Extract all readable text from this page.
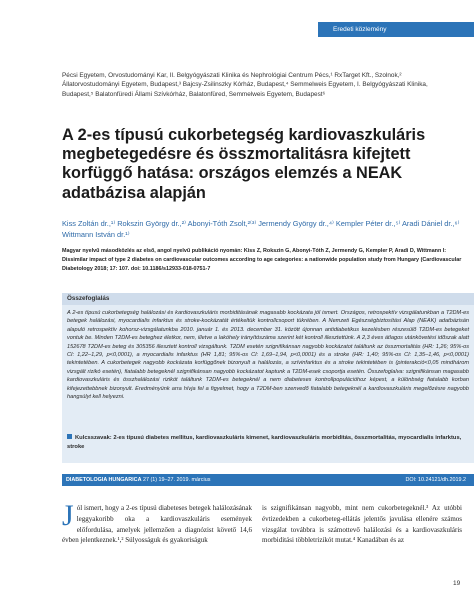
Eredeti közlemény
Pécsi Egyetem, Orvostudományi Kar, II. Belgyógyászati Klinika és Nephrológiai Centrum Pécs,¹ RxTarget Kft., Szolnok,² Állatorvostudományi Egyetem, Budapest,³ Bajcsy-Zsilinszky Kórház, Budapest,⁴ Semmelweis Egyetem, I. Belgyógyászati Klinika, Budapest,⁵ Balatonfüredi Állami Szívkórház, Balatonfüred, Semmelweis Egyetem, Budapest⁶
A 2-es típusú cukorbetegség kardiovaszkuláris megbetegedésre és összmortalitásra kifejtett korfüggő hatása: országos elemzés a NEAK adatbázisa alapján
Kiss Zoltán dr.,¹⁾ Rokszin György dr.,²⁾ Abonyi-Tóth Zsolt,²⁽³⁾ Jermendy György dr.,⁴⁾ Kempler Péter dr.,⁵⁾ Aradi Dániel dr.,⁶⁾ Wittmann István dr.¹⁾
Magyar nyelvű másodközlés az első, angol nyelvű publikáció nyomán: Kiss Z, Rokszin G, Abonyi-Tóth Z, Jermendy G, Kempler P, Aradi D, Wittmann I: Dissimilar impact of type 2 diabetes on cardiovascular outcomes according to age categories: a nationwide population study from Hungary (Cardiovascular Diabetology 2018; 17: 107. doi: 10.1186/s12933-018-0751-7
Összefoglalás
A 2-es típusú cukorbetegség halálozási és kardiovaszkuláris morbiditásának magasabb kockázata jól ismert. Országos, retrospektív vizsgálatunkban a T2DM-es betegek halálozási, myocardialis infarktus és stroke-kockázatát értékeltük kontrollcsoport tükrében. A Nemzeti Egészségbiztosítási Alap (NEAK) adatbázisán alapuló retrospektív kohorsz-vizsgálatunkba 2010. január 1. és 2013. december 31. között újonnan antidiabetikus kezelésben részesülő T2DM-es betegeket vontuk be. Minden T2DM-es beteghez életkor, nem, illetve a lakóhely irányítószáma szerint két kontroll illesztettünk. A 2,3 éves átlagos utánkövetési időszak alatt 152678 T2DM-es beteg és 305356 illesztett kontroll vizsgáltunk. T2DM esetén szignifikánsan nagyobb kockázatot találtunk az összmortalitás (HR: 1,26; 95%-os CI: 1,22–1,29, p<0,0001), a myocardialis infarktus (HR 1,81; 95%-os CI: 1,69–1,94, p<0,0001) és a stroke (HR: 1,40; 95%-os CI: 1,35–1,46, p<0,0001) tekintetében. A cukorbetegek nagyobb kockázata korfüggőnek bizonyult a halálozás, a szívinfarktus és a stroke tekintetében is (pinterakció<0,05 mindhárom vizsgált rizikó esetén), fiatalabb betegeknél szignifikánsan nagyobb kockázatot kaptunk a T2DM-esek csoportja esetén. Összefoglalva: szignifikánsan magasabb kardiovaszkuláris és összhalálozási rizikót találtunk T2DM-es betegeknél a nem diabeteses kontrollpopulációhoz képest, a különbség fiatalabb korban kifejezettebbnek bizonyult. Eredményünk arra hívja fel a figyelmet, hogy a T2DM-ben szenvedő fiatalabb betegeknél a kardiovaszkuláris megelőzésre nagyobb hangsúlyt kell helyezni.
Kulcsszavak: 2-es típusú diabetes mellitus, kardiovaszkuláris kimenet, kardiovaszkuláris morbiditás, összmortalitás, myocardialis infarktus, stroke
DIABETOLOGIA HUNGARICA 27 (1) 19–27. 2019. március	DOI: 10.24121/dh.2019.2
Jól ismert, hogy a 2-es típusú diabeteses betegek halálozásának leggyakoribb oka a kardiovaszkuláris események előfordulása, amelyek jellemzően a diagnózist követő 14,6 évben jelentkeznek.¹,² Súlyosságuk és gyakoriságuk
is szignifikánsan nagyobb, mint nem cukorbetegeknél.³ Az utóbbi évtizedekben a cukorbeteg-ellátás jelentős javulása ellenére számos vizsgálat továbbra is számottevő halálozási és a kardiovaszkuláris morbiditási többletrizikót mutat.⁴ Kanadában és az
19
